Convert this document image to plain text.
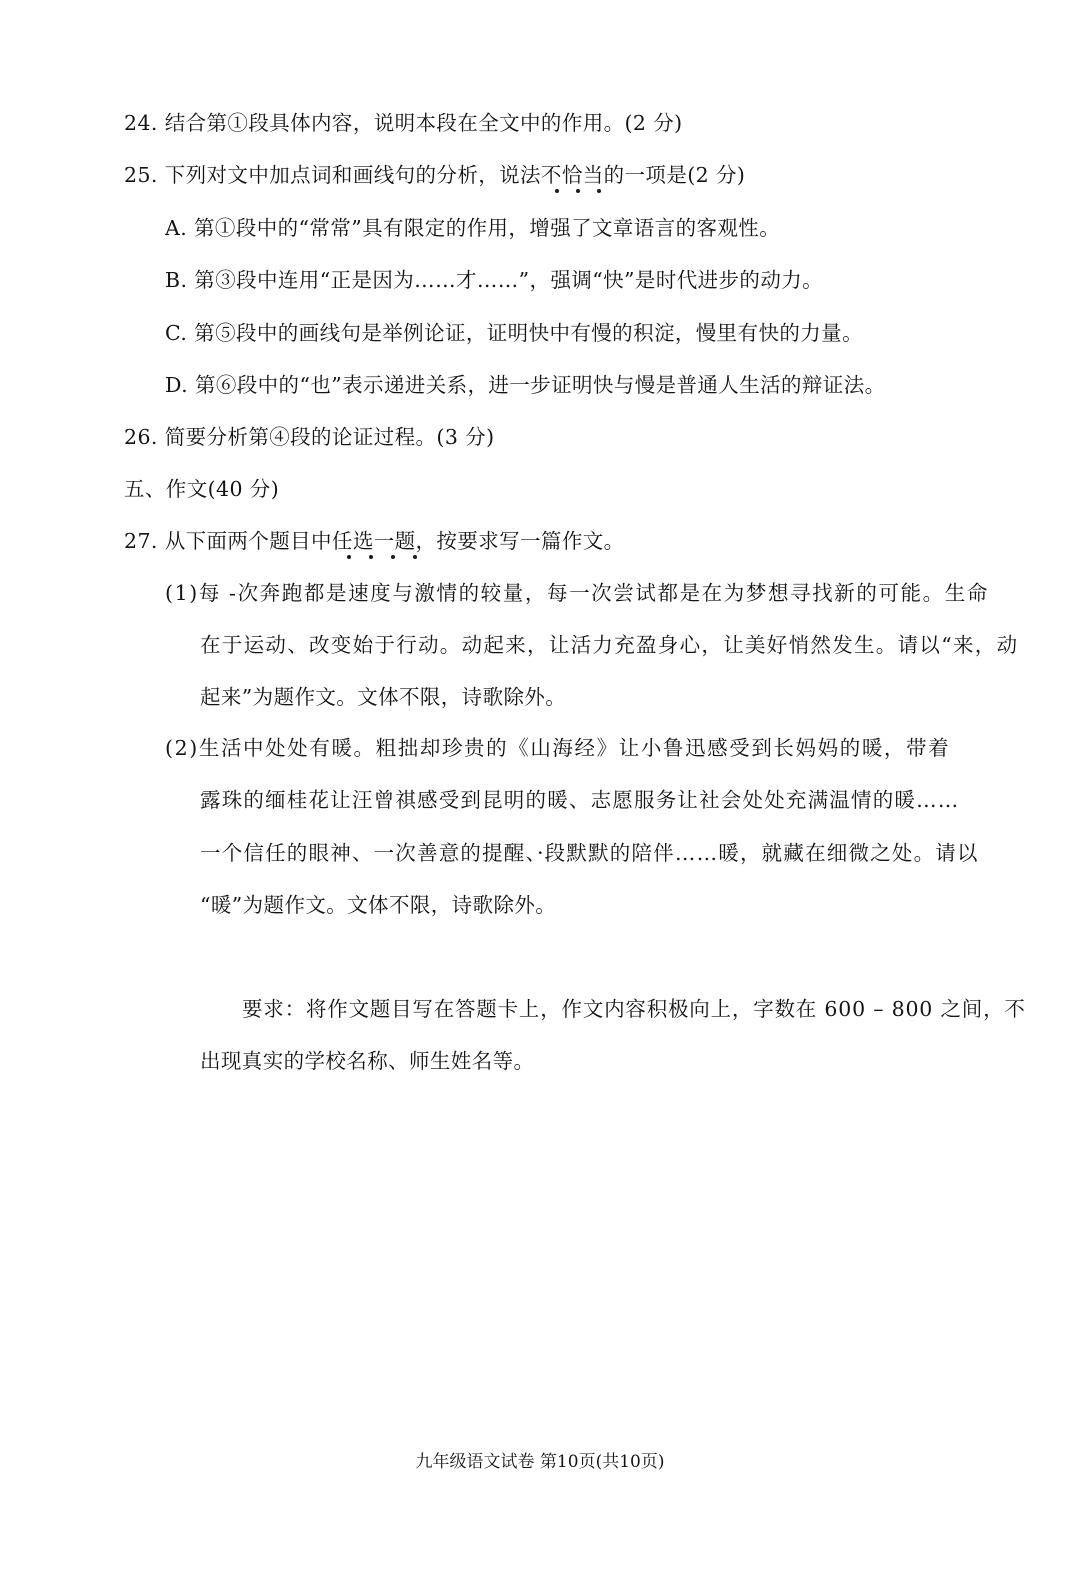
24. 结合第①段具体内容，说明本段在全文中的作用。(2 分)
25. 下列对文中加点词和画线句的分析，说法不恰当的一项是(2 分)
A. 第①段中的“常常”具有限定的作用，增强了文章语言的客观性。
B. 第③段中连用“正是因为……才……”，强调“快”是时代进步的动力。
C. 第⑤段中的画线句是举例论证，证明快中有慢的积淀，慢里有快的力量。
D. 第⑥段中的“也”表示递进关系，进一步证明快与慢是普通人生活的辩证法。
26. 简要分析第④段的论证过程。(3 分)
五、作文(40 分)
27. 从下面两个题目中任选一题，按要求写一篇作文。
(1)每 -次奔跑都是速度与激情的较量，每一次尝试都是在为梦想寻找新的可能。生命
在于运动、改变始于行动。动起来，让活力充盈身心，让美好悄然发生。请以“来，动
起来”为题作文。文体不限，诗歌除外。
(2)生活中处处有暖。粗拙却珍贵的《山海经》让小鲁迅感受到长妈妈的暖，带着
露珠的缅桂花让汪曾祺感受到昆明的暖、志愿服务让社会处处充满温情的暖……
一个信任的眼神、一次善意的提醒、·段默默的陪伴……暖，就藏在细微之处。请以
“暖”为题作文。文体不限，诗歌除外。
要求：将作文题目写在答题卡上，作文内容积极向上，字数在 600 – 800 之间，不
出现真实的学校名称、师生姓名等。
九年级语文试卷 第10页(共10页)
